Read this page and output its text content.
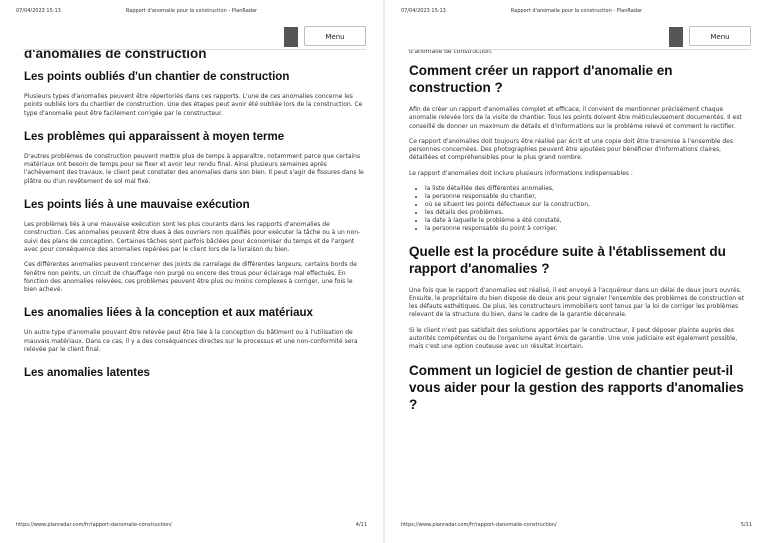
07/04/2023 15:13	Rapport d'anomalie pour la construction - PlanRadar
Menu
d'anomalies de construction
Les points oubliés d'un chantier de construction

Plusieurs types d'anomalies peuvent être répertoriés dans ces rapports. L'une de ces anomalies concerne les points oubliés lors du chantier de construction. Une des étapes peut avoir été oubliée lors de la construction. Ce type d'anomalie peut être facilement corrigée par le constructeur.

Les problèmes qui apparaissent à moyen terme

D'autres problèmes de construction peuvent mettre plus de temps à apparaître, notamment parce que certains matériaux ont besoin de temps pour se fixer et avoir leur rendu final. Ainsi plusieurs semaines après l'achèvement des travaux, le client peut constater des anomalies dans son bien. Il peut s'agir de fissures dans le plâtre ou d'un revêtement de sol mal fixé.

Les points liés à une mauvaise exécution

Les problèmes liés à une mauvaise exécution sont les plus courants dans les rapports d'anomalies de construction. Ces anomalies peuvent être dues à des ouvriers non qualifiés pour exécuter la tâche ou à un non-suivi des plans de conception. Certaines tâches sont parfois bâclées pour économiser du temps et de l'argent avec pour conséquence des anomalies repérées par le client lors de la livraison du bien.

Ces différentes anomalies peuvent concerner des joints de carrelage de différentes largeurs, certains bords de fenêtre non peints, un circuit de chauffage non purgé ou encore des trous pour éclairage mal effectués. En fonction des anomalies relevées, ces problèmes peuvent être plus ou moins complexes à corriger, une fois le bien achevé.

Les anomalies liées à la conception et aux matériaux

Un autre type d'anomalie pouvant être relevée peut être liée à la conception du bâtiment ou à l'utilisation de mauvais matériaux. Dans ce cas, il y a des conséquences directes sur le processus et une non-conformité sera relevée par le client final.

Les anomalies latentes
https://www.planradar.com/fr/rapport-danomalie-construction/	4/11
07/04/2023 15:13	Rapport d'anomalie pour la construction - PlanRadar
Menu
d'anomalie de construction.
Comment créer un rapport d'anomalie en construction ?

Afin de créer un rapport d'anomalies complet et efficace, il convient de mentionner précisément chaque anomalie relevée lors de la visite de chantier. Tous les points doivent être méticuleusement documentés. Il est conseillé de donner un maximum de détails et d'informations sur le problème relevé et comment le rectifier.

Ce rapport d'anomalies doit toujours être réalisé par écrit et une copie doit être transmise à l'ensemble des personnes concernées. Des photographies peuvent être ajoutées pour bénéficier d'informations claires, détaillées et compréhensibles pour le plus grand nombre.

Le rapport d'anomalies doit inclure plusieurs informations indispensables :

• la liste détaillée des différentes anomalies,
• la personne responsable du chantier,
• où se situent les points défectueux sur la construction,
• les détails des problèmes,
• la date à laquelle le problème a été constaté,
• la personne responsable du point à corriger.
Quelle est la procédure suite à l'établissement du rapport d'anomalies ?

Une fois que le rapport d'anomalies est réalisé, il est envoyé à l'acquéreur dans un délai de deux jours ouvrés. Ensuite, le propriétaire du bien dispose de deux ans pour signaler l'ensemble des problèmes de construction et les défauts esthétiques. De plus, les constructeurs immobiliers sont tenus par la loi de corriger les problèmes relevant de la structure du bien, dans le cadre de la garantie décennale.

Si le client n'est pas satisfait des solutions apportées par le constructeur, il peut déposer plainte auprès des autorités compétentes ou de l'organisme ayant émis de garantie. Une voie judiciaire est également possible, mais c'est une option couteuse avec un résultat incertain.

Comment un logiciel de gestion de chantier peut-il vous aider pour la gestion des rapports d'anomalies ?
https://www.planradar.com/fr/rapport-danomalie-construction/	5/11
